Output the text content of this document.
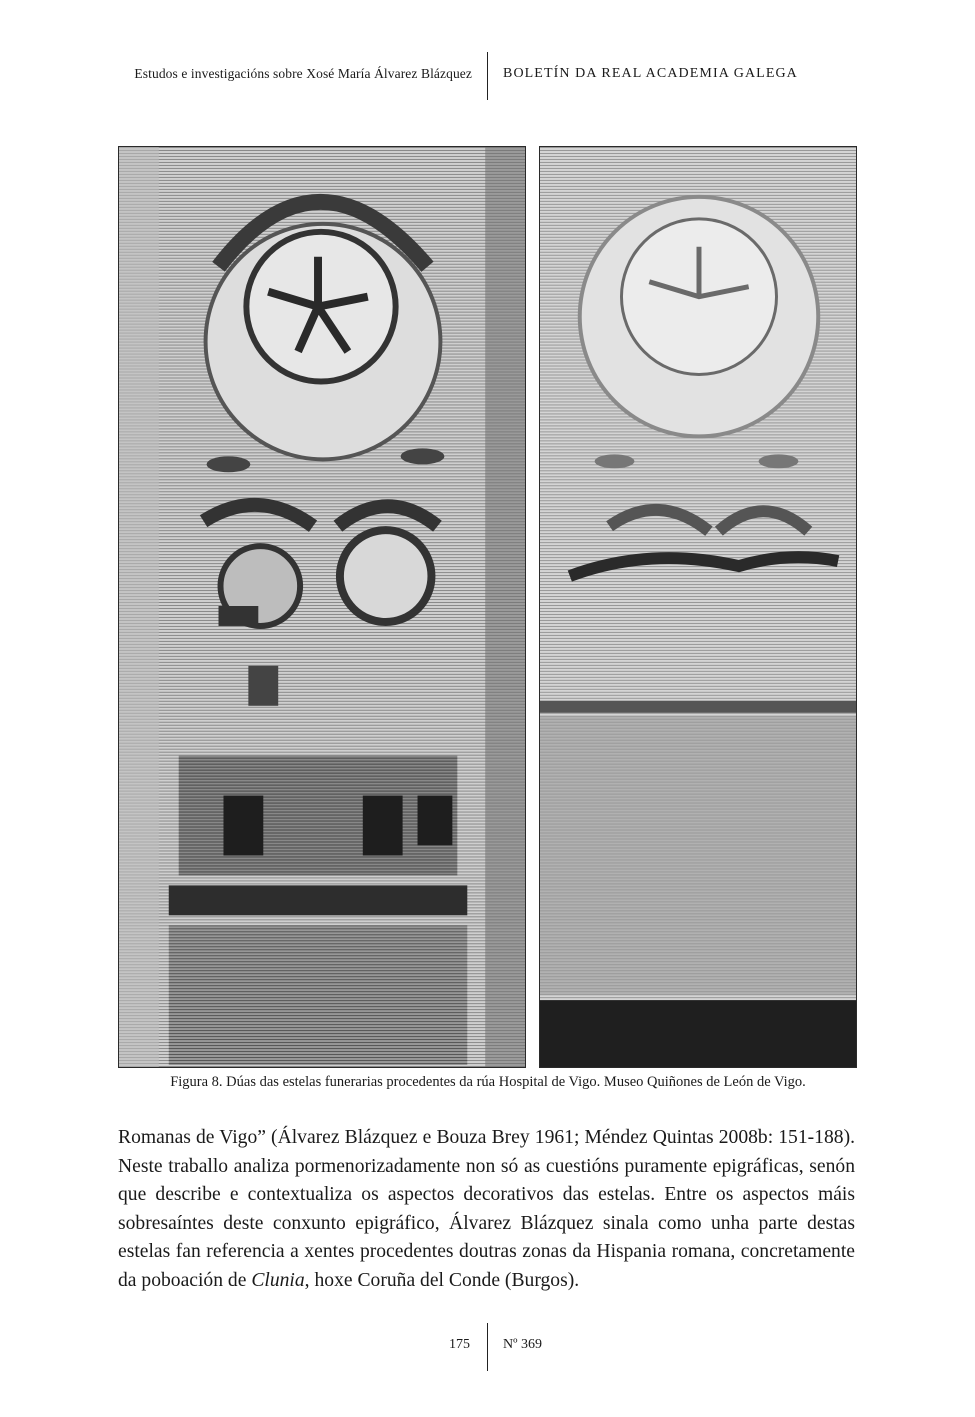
Estudos e investigacións sobre Xosé María Álvarez Blázquez BOLETÍN DA REAL ACADEMIA GALEGA
Figura 8. Dúas das estelas funerarias procedentes da rúa Hospital de Vigo. Museo Quiñones de León de Vigo.

Romanas de Vigo” (Álvarez Blázquez e Bouza Brey 1961; Méndez Quintas 2008b: 151-188). Neste traballo analiza pormenorizadamente non só as cuestións puramente epigráficas, senón que describe e contextualiza os aspectos decorativos das estelas. Entre os aspectos máis sobresaíntes deste conxunto epigráfico, Álvarez Blázquez sinala como unha parte destas estelas fan referencia a xentes procedentes doutras zonas da Hispania romana, concretamente da poboación de Clunia, hoxe Coruña del Conde (Burgos).

175 Nº 369
